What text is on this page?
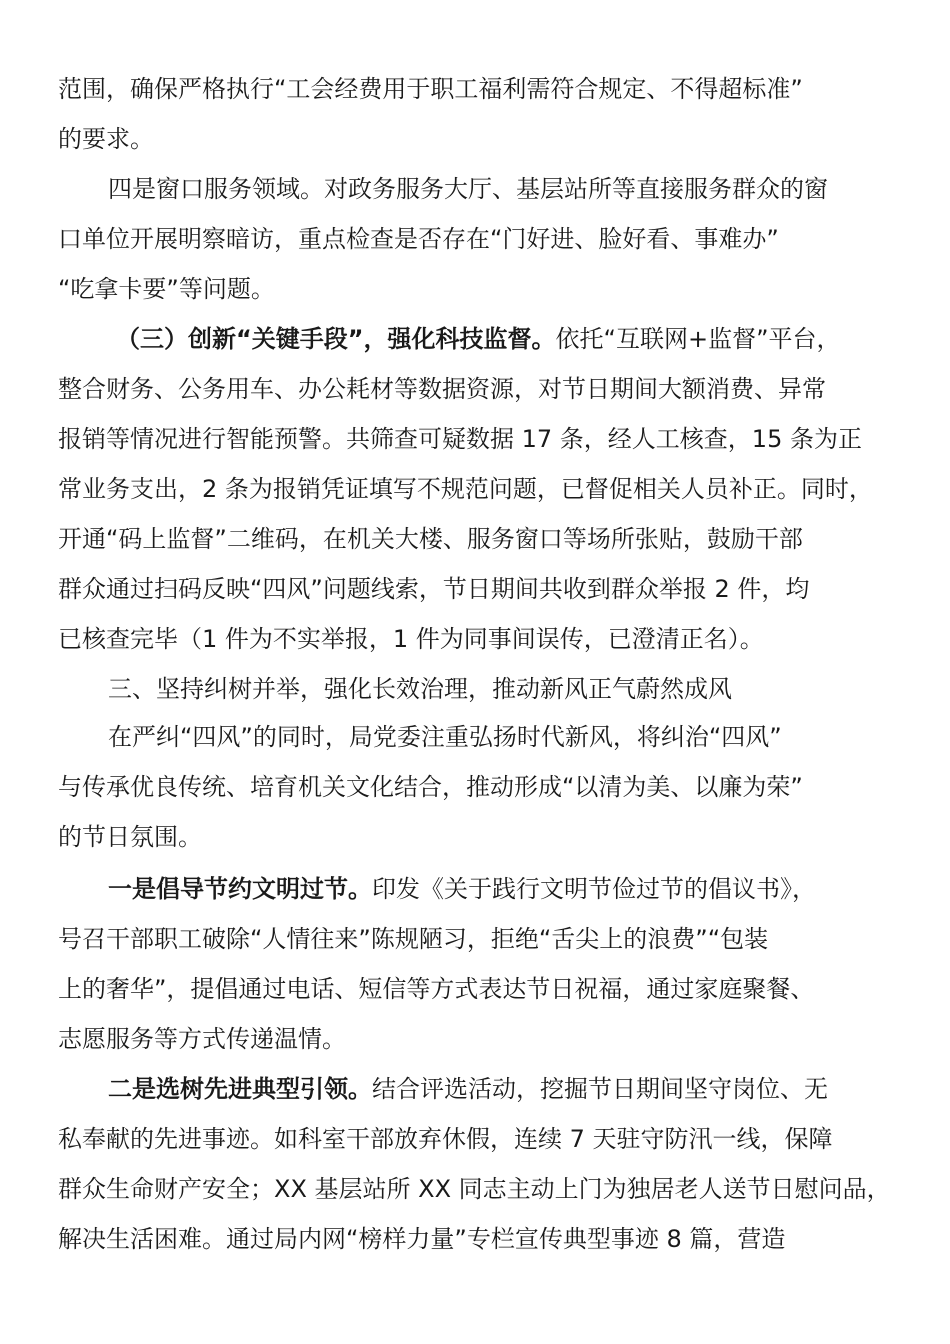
范围，确保严格执行“工会经费用于职工福利需符合规定、不得超标准”
的要求。
四是窗口服务领域。对政务服务大厅、基层站所等直接服务群众的窗
口单位开展明察暗访，重点检查是否存在“门好进、脸好看、事难办”
“吃拿卡要”等问题。
（三）创新“关键手段”，强化科技监督。依托“互联网+监督”平台，
整合财务、公务用车、办公耗材等数据资源，对节日期间大额消费、异常
报销等情况进行智能预警。共筛查可疑数据 17 条，经人工核查，15 条为正
常业务支出，2 条为报销凭证填写不规范问题，已督促相关人员补正。同时，
开通“码上监督”二维码，在机关大楼、服务窗口等场所张贴，鼓励干部
群众通过扫码反映“四风”问题线索，节日期间共收到群众举报 2 件，均
已核查完毕（1 件为不实举报，1 件为同事间误传，已澄清正名）。
三、坚持纠树并举，强化长效治理，推动新风正气蔚然成风
在严纠“四风”的同时，局党委注重弘扬时代新风，将纠治“四风”
与传承优良传统、培育机关文化结合，推动形成“以清为美、以廉为荣”
的节日氛围。
一是倡导节约文明过节。印发《关于践行文明节俭过节的倡议书》，
号召干部职工破除“人情往来”陈规陋习，拒绝“舌尖上的浪费”“包装
上的奢华”，提倡通过电话、短信等方式表达节日祝福，通过家庭聚餐、
志愿服务等方式传递温情。
二是选树先进典型引领。结合评选活动，挖掘节日期间坚守岗位、无
私奉献的先进事迹。如科室干部放弃休假，连续 7 天驻守防汛一线，保障
群众生命财产安全；XX 基层站所 XX 同志主动上门为独居老人送节日慰问品，
解决生活困难。通过局内网“榜样力量”专栏宣传典型事迹 8 篇，营造
